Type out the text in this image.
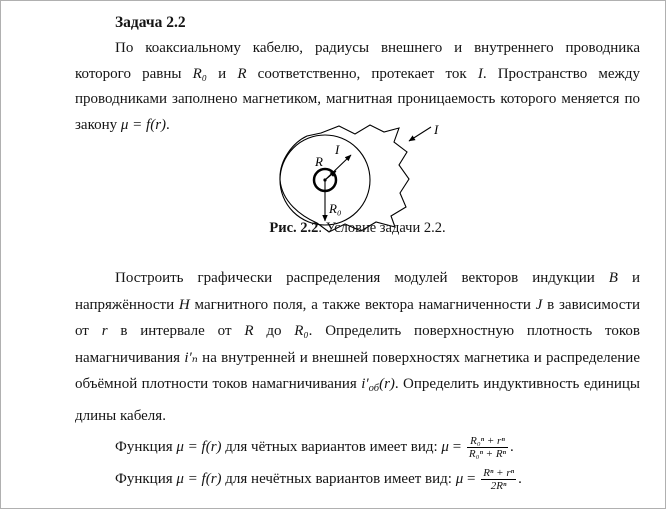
Задача 2.2

По коаксиальному кабелю, радиусы внешнего и внутреннего проводника которого равны R₀ и R соответственно, протекает ток I. Пространство между проводниками заполнено магнетиком, магнитная проницаемость которого меняется по закону μ = f(r).

I
R
R₀
I
Рис. 2.2. Условие задачи 2.2.

Построить графически распределения модулей векторов индукции B и напряжённости H магнитного поля, а также вектора намагниченности J в зависимости от r в интервале от R до R₀. Определить поверхностную плотность токов намагничивания i′ₙ на внутренней и внешней поверхностях магнетика и распределение объёмной плотности токов намагничивания $i'_{об}(r)$. Определить индуктивность единицы длины кабеля.

Функция μ = f(r) для чётных вариантов имеет вид: $\mu = \frac{\text{R₀ⁿ + rⁿ}}{\text{R₀ⁿ + Rⁿ}}$ .
Функция μ = f(r) для нечётных вариантов имеет вид: $\mu = \frac{\text{Rⁿ + rⁿ}}{\text{2Rⁿ}}$ .
